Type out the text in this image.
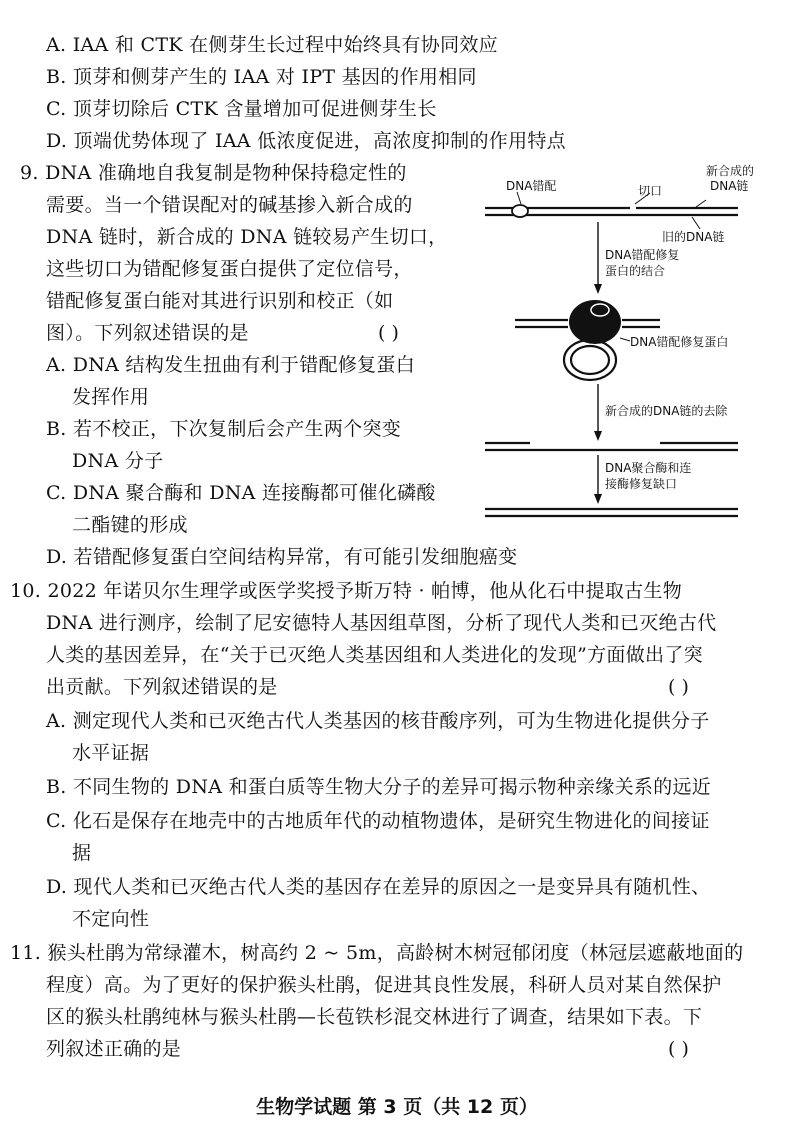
A. IAA 和 CTK 在侧芽生长过程中始终具有协同效应
B. 顶芽和侧芽产生的 IAA 对 IPT 基因的作用相同
C. 顶芽切除后 CTK 含量增加可促进侧芽生长
D. 顶端优势体现了 IAA 低浓度促进，高浓度抑制的作用特点
9. DNA 准确地自我复制是物种保持稳定性的
需要。当一个错误配对的碱基掺入新合成的
DNA 链时，新合成的 DNA 链较易产生切口，
这些切口为错配修复蛋白提供了定位信号，
错配修复蛋白能对其进行识别和校正（如
图）。下列叙述错误的是	( )
A. DNA 结构发生扭曲有利于错配修复蛋白
发挥作用
B. 若不校正，下次复制后会产生两个突变
DNA 分子
C. DNA 聚合酶和 DNA 连接酶都可催化磷酸
二酯键的形成
D. 若错配修复蛋白空间结构异常，有可能引发细胞癌变
DNA错配	切口
新合成的
DNA链
旧的DNA链
DNA错配修复
蛋白的结合
DNA错配修复蛋白
新合成的DNA链的去除
DNA聚合酶和连
接酶修复缺口
10. 2022 年诺贝尔生理学或医学奖授予斯万特 · 帕博，他从化石中提取古生物
DNA 进行测序，绘制了尼安德特人基因组草图，分析了现代人类和已灭绝古代
人类的基因差异，在“关于已灭绝人类基因组和人类进化的发现”方面做出了突
出贡献。下列叙述错误的是	( )
A. 测定现代人类和已灭绝古代人类基因的核苷酸序列，可为生物进化提供分子
水平证据
B. 不同生物的 DNA 和蛋白质等生物大分子的差异可揭示物种亲缘关系的远近
C. 化石是保存在地壳中的古地质年代的动植物遗体，是研究生物进化的间接证
据
D. 现代人类和已灭绝古代人类的基因存在差异的原因之一是变异具有随机性、
不定向性
11. 猴头杜鹃为常绿灌木，树高约 2 ~ 5m，高龄树木树冠郁闭度（林冠层遮蔽地面的
程度）高。为了更好的保护猴头杜鹃，促进其良性发展，科研人员对某自然保护
区的猴头杜鹃纯林与猴头杜鹃—长苞铁杉混交林进行了调查，结果如下表。下
列叙述正确的是	( )
生物学试题 第 3 页（共 12 页）
